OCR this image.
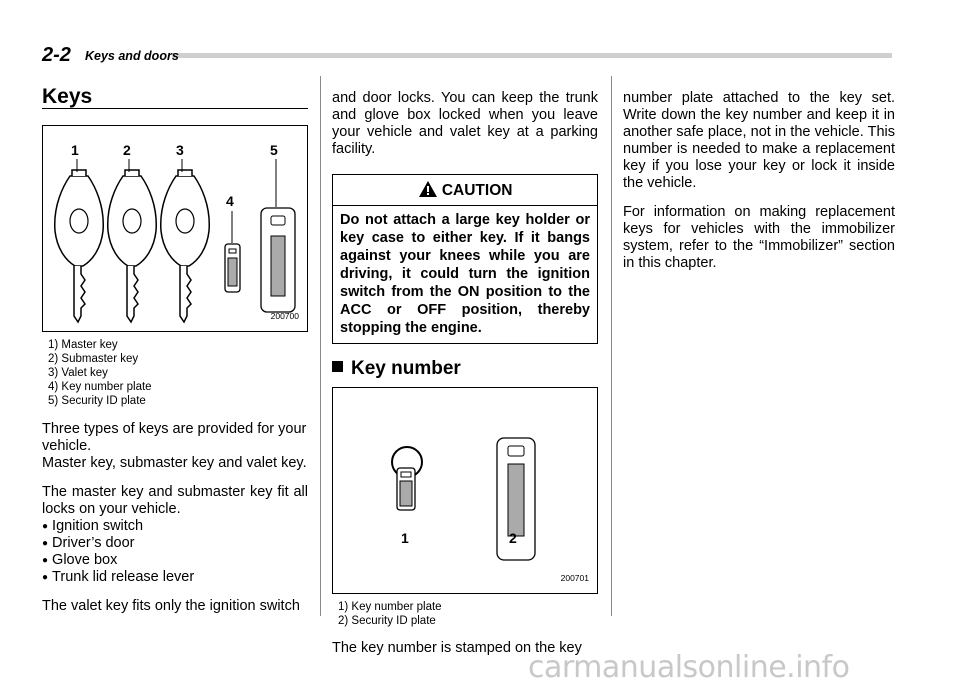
2-2 Keys and doors
Keys
1	2	3
4
5
200700
1) Master key
2) Submaster key
3) Valet key
4) Key number plate
5) Security ID plate

Three types of keys are provided for your vehicle.
Master key, submaster key and valet key.

The master key and submaster key fit all locks on your vehicle.

● Ignition switch
● Driver’s door
● Glove box
● Trunk lid release lever

The valet key fits only the ignition switch

and door locks. You can keep the trunk and glove box locked when you leave your vehicle and valet key at a parking facility.

CAUTION
Do not attach a large key holder or key case to either key. If it bangs against your knees while you are driving, it could turn the ignition switch from the ON position to the ACC or OFF position, thereby stopping the engine.
Key number
1	2
200701
1) Key number plate
2) Security ID plate

The key number is stamped on the key

number plate attached to the key set. Write down the key number and keep it in another safe place, not in the vehicle. This number is needed to make a replacement key if you lose your key or lock it inside the vehicle.

For information on making replacement keys for vehicles with the immobilizer system, refer to the “Immobilizer” section in this chapter.

carmanualsonline.info
